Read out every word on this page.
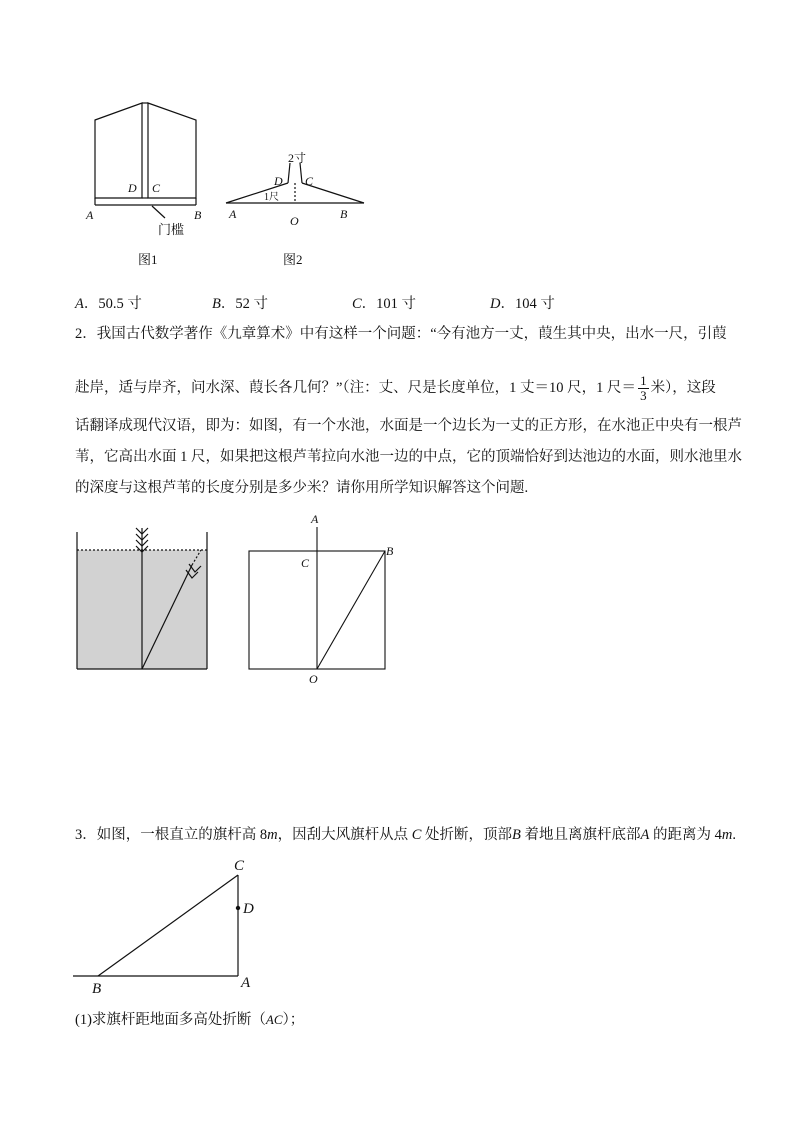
D C
A	B
门槛
图1
2寸
D C
1尺
A	O	B
图2
A．50.5 寸	B．52 寸	C．101 寸	D．104 寸
2．我国古代数学著作《九章算术》中有这样一个问题：“今有池方一丈，葭生其中央，出水一尺，引葭
赴岸，适与岸齐，问水深、葭长各几何？”（注：丈、尺是长度单位，1 丈＝10 尺，1 尺＝ $\frac{1}{3}$ 米），这段
话翻译成现代汉语，即为：如图，有一个水池，水面是一个边长为一丈的正方形，在水池正中央有一根芦
苇，它高出水面 1 尺，如果把这根芦苇拉向水池一边的中点，它的顶端恰好到达池边的水面，则水池里水
的深度与这根芦苇的长度分别是多少米？请你用所学知识解答这个问题.
A
C
B
O
3．如图，一根直立的旗杆高 8m，因刮大风旗杆从点 C 处折断，顶部B 着地且离旗杆底部A 的距离为 4m.
C
D
A
B
(1)求旗杆距地面多高处折断（AC）；
